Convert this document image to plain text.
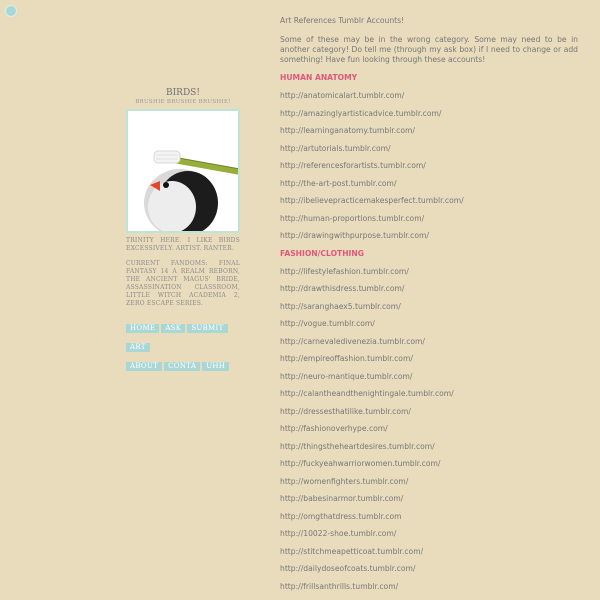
BIRDS!
BRUSHIE BRUSHIE BRUSHIE!

TRINITY HERE. I LIKE BIRDS EXCESSIVELY. ARTIST. RANTER.

CURRENT FANDOMS: FINAL FANTASY 14 A REALM REBORN, THE ANCIENT MAGUS' BRIDE, ASSASSINATION CLASSROOM, LITTLE WITCH ACADEMIA 2, ZERO ESCAPE SERIES.

HOME ASK SUBMITART
ABOUT CONTA UHH
Art References Tumblr Accounts!
Some of these may be in the wrong category. Some may need to be in another category! Do tell me (through my ask box) if I need to change or add something! Have fun looking through these accounts!
HUMAN ANATOMY
http://anatomicalart.tumblr.com/
http://amazinglyartisticadvice.tumblr.com/
http://learninganatomy.tumblr.com/
http://artutorials.tumblr.com/
http://referencesforartists.tumblr.com/
http://the-art-post.tumblr.com/
http://ibelievepracticemakesperfect.tumblr.com/
http://human-proportions.tumblr.com/
http://drawingwithpurpose.tumblr.com/
FASHION/CLOTHING
http://lifestylefashion.tumblr.com/
http://drawthisdress.tumblr.com/
http://saranghaex5.tumblr.com/
http://vogue.tumblr.com/
http://carnevaledivenezia.tumblr.com/
http://empireoffashion.tumblr.com/
http://neuro-mantique.tumblr.com/
http://calantheandthenightingale.tumblr.com/
http://dressesthatilike.tumblr.com/
http://fashionoverhype.com/
http://thingstheheartdesires.tumblr.com/
http://fuckyeahwarriorwomen.tumblr.com/
http://womenfighters.tumblr.com/
http://babesinarmor.tumblr.com/
http://omgthatdress.tumblr.com
http://10022-shoe.tumblr.com/
http://stitchmeapetticoat.tumblr.com/
http://dailydoseofcoats.tumblr.com/
http://frillsanthrills.tumblr.com/
